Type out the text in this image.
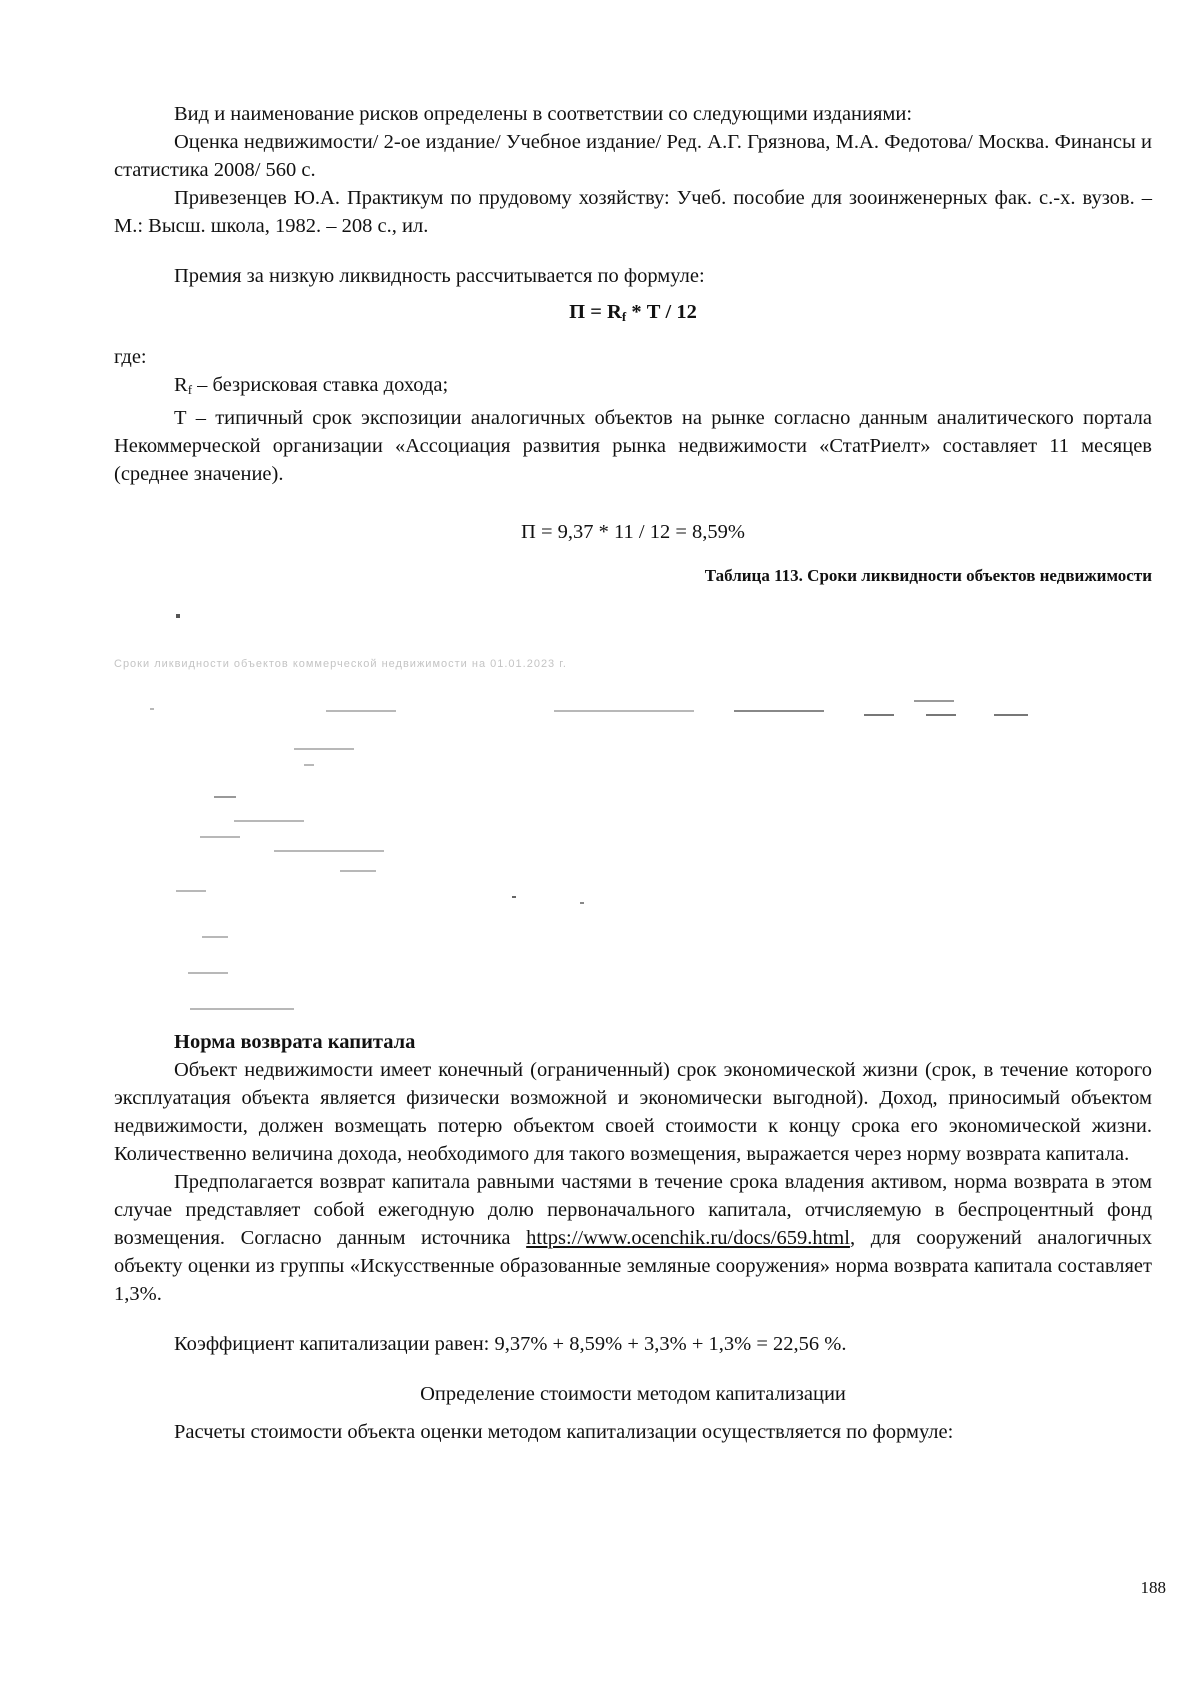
Вид и наименование рисков определены в соответствии со следующими изданиями:

Оценка недвижимости/ 2-ое издание/ Учебное издание/ Ред. А.Г. Грязнова, М.А. Федотова/ Москва. Финансы и статистика 2008/ 560 с.

Привезенцев Ю.А. Практикум по прудовому хозяйству: Учеб. пособие для зооинженерных фак. с.-х. вузов. – М.: Высш. школа, 1982. – 208 с., ил.

Премия за низкую ликвидность рассчитывается по формуле:

$П = R_f * Т / 12$

где:

$R_f$ – безрисковая ставка дохода;

Т – типичный срок экспозиции аналогичных объектов на рынке согласно данным аналитического портала Некоммерческой организации «Ассоциация развития рынка недвижимости «СтатРиелт» составляет 11 месяцев (среднее значение).

П = 9,37 * 11 / 12 = 8,59%

Таблица 113. Сроки ликвидности объектов недвижимости

Сроки ликвидности объектов коммерческой недвижимости на 01.01.2023 г.

Норма возврата капитала

Объект недвижимости имеет конечный (ограниченный) срок экономической жизни (срок, в течение которого эксплуатация объекта является физически возможной и экономически выгодной). Доход, приносимый объектом недвижимости, должен возмещать потерю объектом своей стоимости к концу срока его экономической жизни. Количественно величина дохода, необходимого для такого возмещения, выражается через норму возврата капитала.

Предполагается возврат капитала равными частями в течение срока владения активом, норма возврата в этом случае представляет собой ежегодную долю первоначального капитала, отчисляемую в беспроцентный фонд возмещения. Согласно данным источника https://www.ocenchik.ru/docs/659.html, для сооружений аналогичных объекту оценки из группы «Искусственные образованные земляные сооружения» норма возврата капитала составляет 1,3%.

Коэффициент капитализации равен: 9,37% + 8,59% + 3,3% + 1,3% = 22,56 %.

Определение стоимости методом капитализации

Расчеты стоимости объекта оценки методом капитализации осуществляется по формуле:

188
